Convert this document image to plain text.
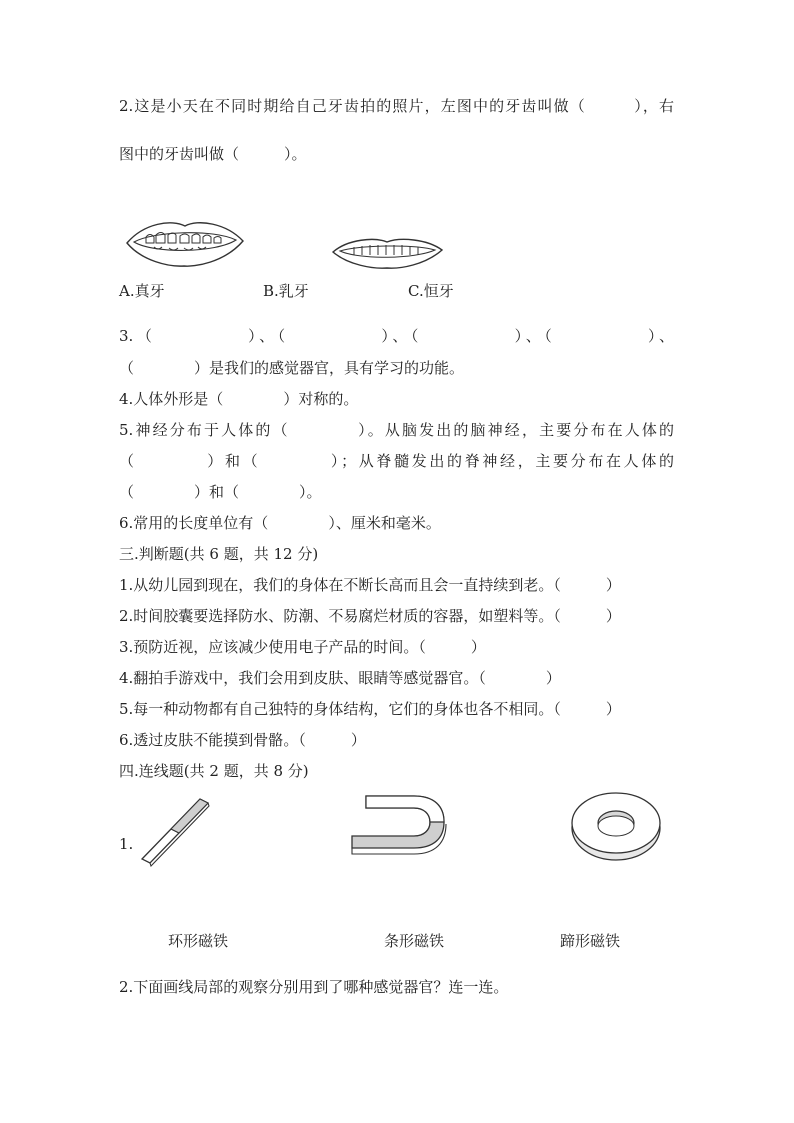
2.这是小天在不同时期给自己牙齿拍的照片，左图中的牙齿叫做（　　　），右
图中的牙齿叫做（　　　）。
A.真牙	B.乳牙	C.恒牙
3.（　　　　　）、（　　　　　）、（　　　　　）、（　　　　　）、
（　　　　）是我们的感觉器官，具有学习的功能。
4.人体外形是（　　　　）对称的。
5.神经分布于人体的（　　　　）。从脑发出的脑神经，主要分布在人体的
（　　　　）和（　　　　）；从脊髓发出的脊神经，主要分布在人体的
（　　　　）和（　　　　）。
6.常用的长度单位有（　　　　）、厘米和毫米。
三.判断题(共 6 题，共 12 分)
1.从幼儿园到现在，我们的身体在不断长高而且会一直持续到老。（　　　）
2.时间胶囊要选择防水、防潮、不易腐烂材质的容器，如塑料等。（　　　）
3.预防近视，应该减少使用电子产品的时间。（　　　）
4.翻拍手游戏中，我们会用到皮肤、眼睛等感觉器官。（　　　　）
5.每一种动物都有自己独特的身体结构，它们的身体也各不相同。（　　　）
6.透过皮肤不能摸到骨骼。（　　　）
四.连线题(共 2 题，共 8 分)
1.
环形磁铁	条形磁铁	蹄形磁铁
2.下面画线局部的观察分别用到了哪种感觉器官？连一连。
